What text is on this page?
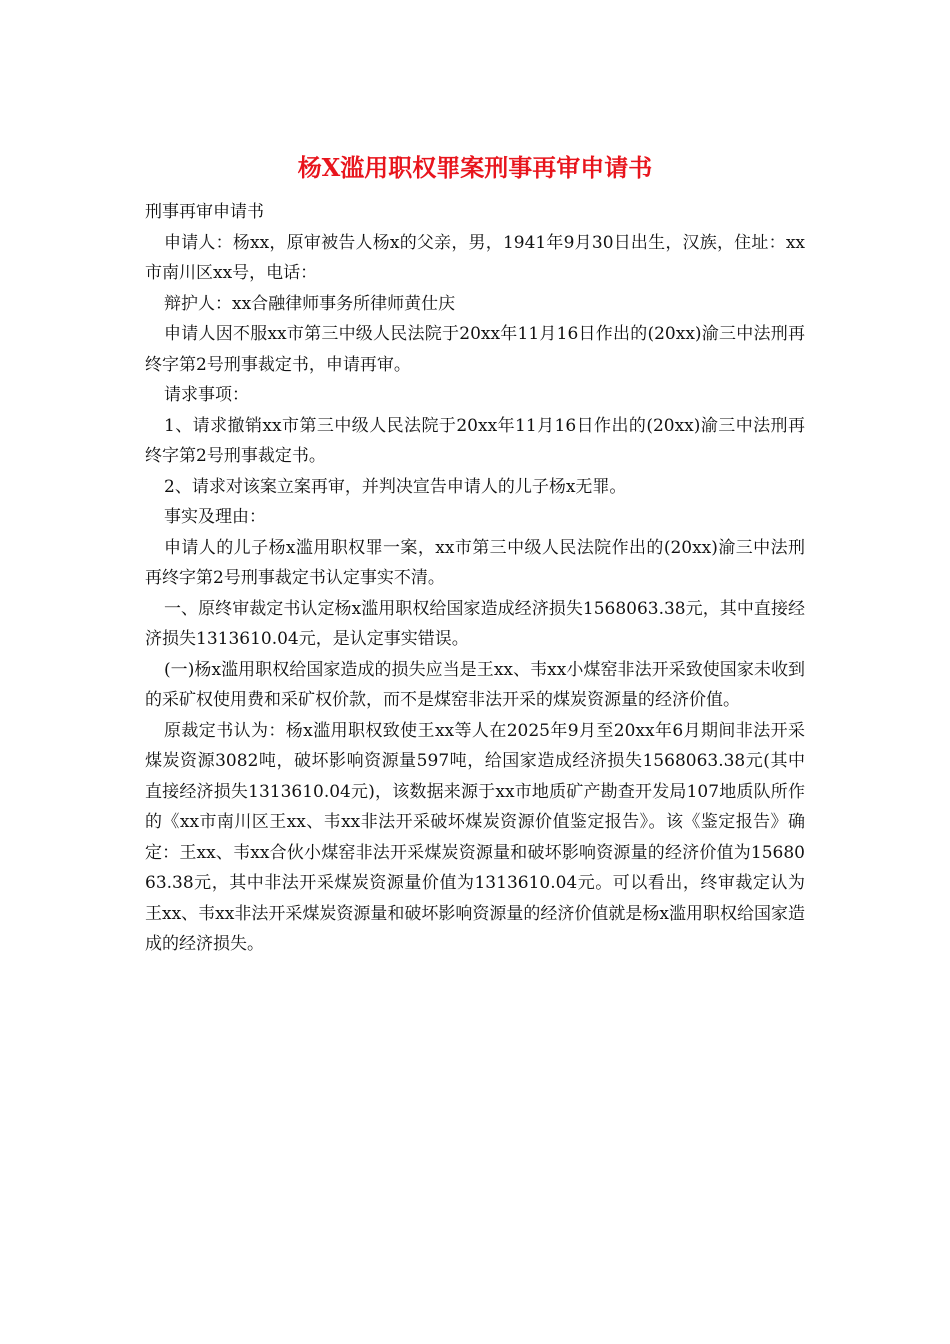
杨X滥用职权罪案刑事再审申请书

刑事再审申请书

申请人：杨xx，原审被告人杨x的父亲，男，1941年9月30日出生，汉族，住址：xx市南川区xx号，电话：

辩护人：xx合融律师事务所律师黄仕庆

申请人因不服xx市第三中级人民法院于20xx年11月16日作出的(20xx)渝三中法刑再终字第2号刑事裁定书，申请再审。

请求事项：

1、请求撤销xx市第三中级人民法院于20xx年11月16日作出的(20xx)渝三中法刑再终字第2号刑事裁定书。

2、请求对该案立案再审，并判决宣告申请人的儿子杨x无罪。

事实及理由：

申请人的儿子杨x滥用职权罪一案，xx市第三中级人民法院作出的(20xx)渝三中法刑再终字第2号刑事裁定书认定事实不清。

一、原终审裁定书认定杨x滥用职权给国家造成经济损失1568063.38元，其中直接经济损失1313610.04元，是认定事实错误。

(一)杨x滥用职权给国家造成的损失应当是王xx、韦xx小煤窑非法开采致使国家未收到的采矿权使用费和采矿权价款，而不是煤窑非法开采的煤炭资源量的经济价值。

原裁定书认为：杨x滥用职权致使王xx等人在2025年9月至20xx年6月期间非法开采煤炭资源3082吨，破坏影响资源量597吨，给国家造成经济损失1568063.38元(其中直接经济损失1313610.04元)，该数据来源于xx市地质矿产勘查开发局107地质队所作的《xx市南川区王xx、韦xx非法开采破坏煤炭资源价值鉴定报告》。该《鉴定报告》确定：王xx、韦xx合伙小煤窑非法开采煤炭资源量和破坏影响资源量的经济价值为1568063.38元，其中非法开采煤炭资源量价值为1313610.04元。可以看出，终审裁定认为王xx、韦xx非法开采煤炭资源量和破坏影响资源量的经济价值就是杨x滥用职权给国家造成的经济损失。
